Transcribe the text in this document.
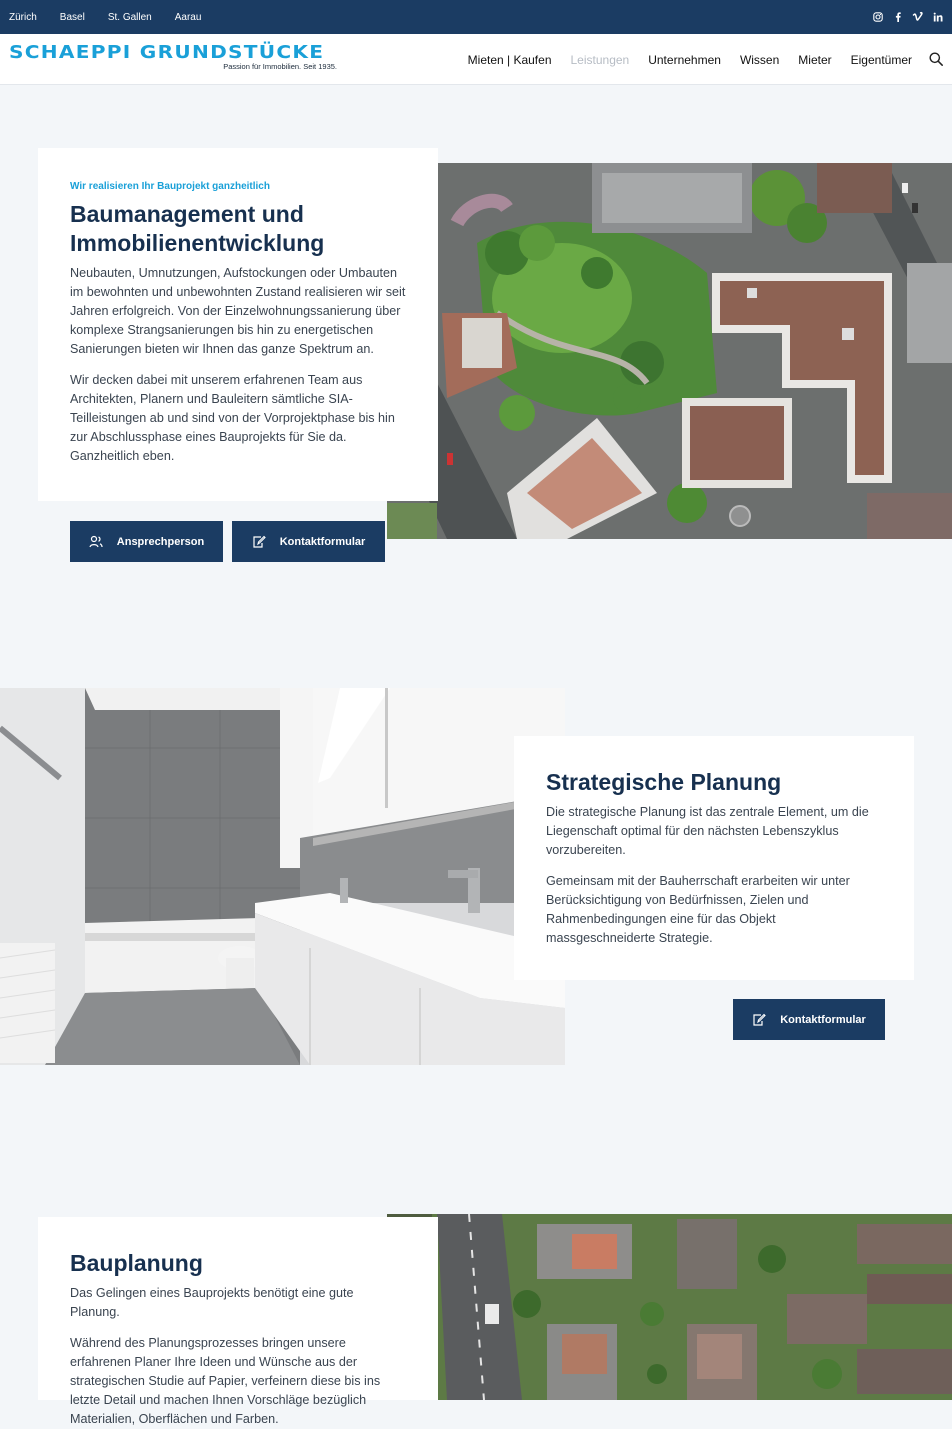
Zürich Basel St. Gallen Aarau
SCHAEPPI GRUNDSTÜCKE
Passion für Immobilien. Seit 1935.	Mieten | Kaufen Leistungen Unternehmen Wissen Mieter Eigentümer
Wir realisieren Ihr Bauprojekt ganzheitlich
Baumanagement und Immobilienentwicklung

Neubauten, Umnutzungen, Aufstockungen oder Umbauten im bewohnten und unbewohnten Zustand realisieren wir seit Jahren erfolgreich. Von der Einzelwohnungssanierung über komplexe Strangsanierungen bis hin zu energetischen Sanierungen bieten wir Ihnen das ganze Spektrum an.

Wir decken dabei mit unserem erfahrenen Team aus Architekten, Planern und Bauleitern sämtliche SIA-Teilleistungen ab und sind von der Vorprojektphase bis hin zur Abschlussphase eines Bauprojekts für Sie da. Ganzheitlich eben.

Ansprechperson	Kontaktformular
Strategische Planung

Die strategische Planung ist das zentrale Element, um die Liegenschaft optimal für den nächsten Lebenszyklus vorzubereiten.

Gemeinsam mit der Bauherrschaft erarbeiten wir unter Berücksichtigung von Bedürfnissen, Zielen und Rahmenbedingungen eine für das Objekt massgeschneiderte Strategie.

Kontaktformular
Bauplanung

Das Gelingen eines Bauprojekts benötigt eine gute Planung.

Während des Planungsprozesses bringen unsere erfahrenen Planer Ihre Ideen und Wünsche aus der strategischen Studie auf Papier, verfeinern diese bis ins letzte Detail und machen Ihnen Vorschläge bezüglich Materialien, Oberflächen und Farben.
